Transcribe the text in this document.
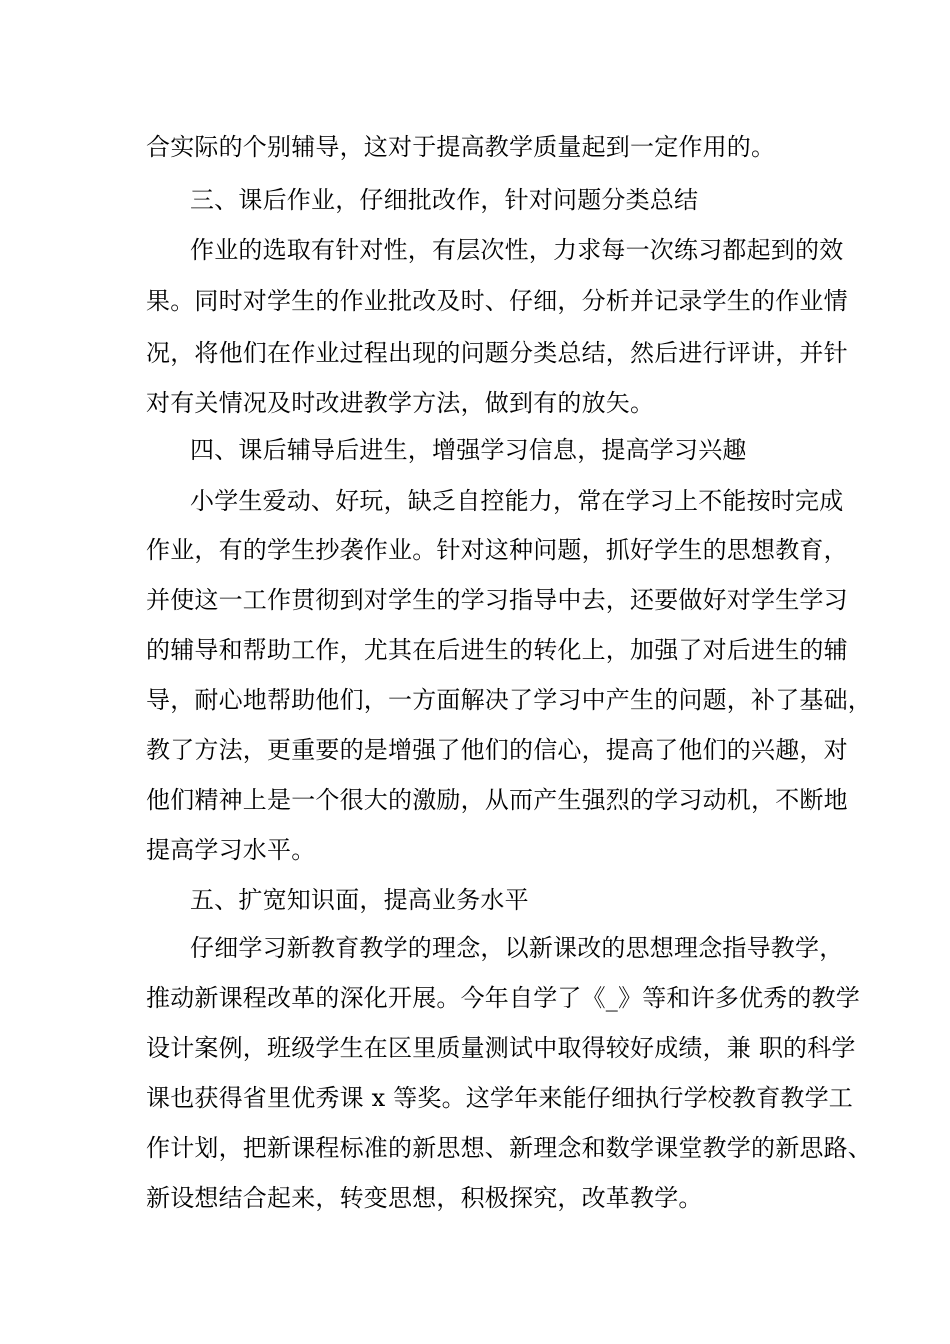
合实际的个别辅导，这对于提高教学质量起到一定作用的。
三、课后作业，仔细批改作，针对问题分类总结
作业的选取有针对性，有层次性，力求每一次练习都起到的效
果。同时对学生的作业批改及时、仔细，分析并记录学生的作业情
况，将他们在作业过程出现的问题分类总结，然后进行评讲，并针
对有关情况及时改进教学方法，做到有的放矢。
四、课后辅导后进生，增强学习信息，提高学习兴趣
小学生爱动、好玩，缺乏自控能力，常在学习上不能按时完成
作业，有的学生抄袭作业。针对这种问题，抓好学生的思想教育，
并使这一工作贯彻到对学生的学习指导中去，还要做好对学生学习
的辅导和帮助工作，尤其在后进生的转化上，加强了对后进生的辅
导，耐心地帮助他们，一方面解决了学习中产生的问题，补了基础，
教了方法，更重要的是增强了他们的信心，提高了他们的兴趣，对
他们精神上是一个很大的激励，从而产生强烈的学习动机，不断地
提高学习水平。
五、扩宽知识面，提高业务水平
仔细学习新教育教学的理念，以新课改的思想理念指导教学，
推动新课程改革的深化开展。今年自学了《_》等和许多优秀的教学
设计案例，班级学生在区里质量测试中取得较好成绩，兼 职的科学
课也获得省里优秀课 x 等奖。这学年来能仔细执行学校教育教学工
作计划，把新课程标准的新思想、新理念和数学课堂教学的新思路、
新设想结合起来，转变思想，积极探究，改革教学。
